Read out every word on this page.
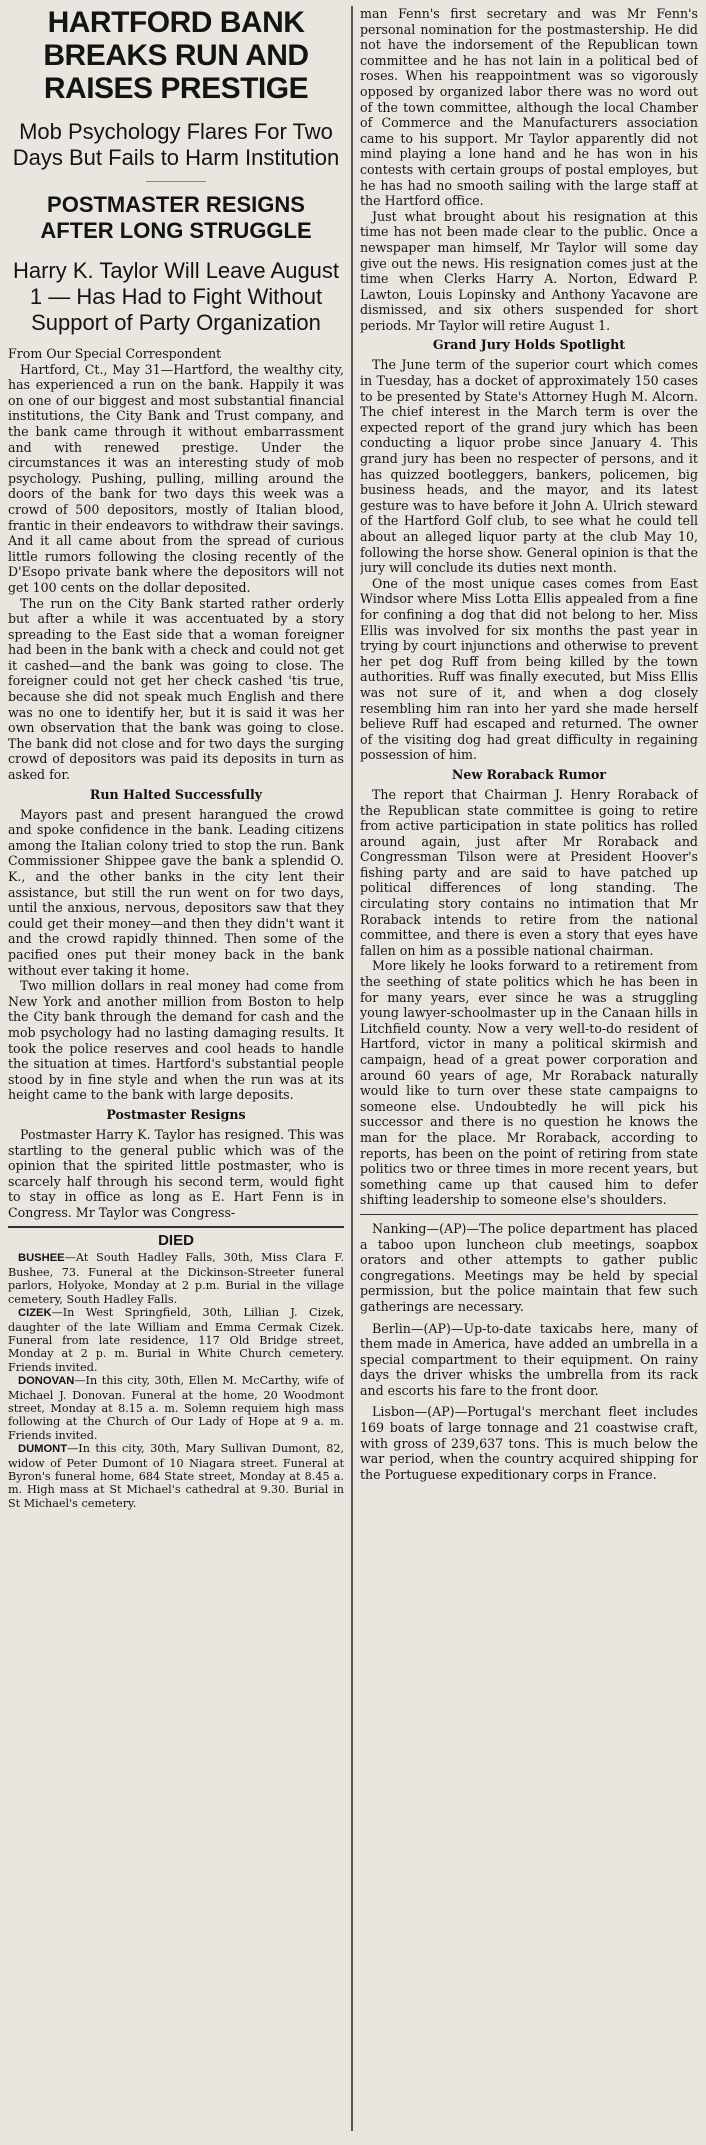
HARTFORD BANK BREAKS RUN AND RAISES PRESTIGE
Mob Psychology Flares For Two Days But Fails to Harm Institution
POSTMASTER RESIGNS AFTER LONG STRUGGLE
Harry K. Taylor Will Leave August 1 — Has Had to Fight Without Support of Party Organization

From Our Special Correspondent

Hartford, Ct., May 31—Hartford, the wealthy city, has experienced a run on the bank. Happily it was on one of our biggest and most substantial financial institutions, the City Bank and Trust company, and the bank came through it without embarrassment and with renewed prestige. Under the circumstances it was an interesting study of mob psychology. Pushing, pulling, milling around the doors of the bank for two days this week was a crowd of 500 depositors, mostly of Italian blood, frantic in their endeavors to withdraw their savings. And it all came about from the spread of curious little rumors following the closing recently of the D'Esopo private bank where the depositors will not get 100 cents on the dollar deposited.

The run on the City Bank started rather orderly but after a while it was accentuated by a story spreading to the East side that a woman foreigner had been in the bank with a check and could not get it cashed—and the bank was going to close. The foreigner could not get her check cashed 'tis true, because she did not speak much English and there was no one to identify her, but it is said it was her own observation that the bank was going to close. The bank did not close and for two days the surging crowd of depositors was paid its deposits in turn as asked for.

Run Halted Successfully

Mayors past and present harangued the crowd and spoke confidence in the bank. Leading citizens among the Italian colony tried to stop the run. Bank Commissioner Shippee gave the bank a splendid O. K., and the other banks in the city lent their assistance, but still the run went on for two days, until the anxious, nervous, depositors saw that they could get their money—and then they didn't want it and the crowd rapidly thinned. Then some of the pacified ones put their money back in the bank without ever taking it home.

Two million dollars in real money had come from New York and another million from Boston to help the City bank through the demand for cash and the mob psychology had no lasting damaging results. It took the police reserves and cool heads to handle the situation at times. Hartford's substantial people stood by in fine style and when the run was at its height came to the bank with large deposits.

Postmaster Resigns

Postmaster Harry K. Taylor has resigned. This was startling to the general public which was of the opinion that the spirited little postmaster, who is scarcely half through his second term, would fight to stay in office as long as E. Hart Fenn is in Congress. Mr Taylor was Congress-

DIED

BUSHEE—At South Hadley Falls, 30th, Miss Clara F. Bushee, 73. Funeral at the Dickinson-Streeter funeral parlors, Holyoke, Monday at 2 p.m. Burial in the village cemetery, South Hadley Falls.

CIZEK—In West Springfield, 30th, Lillian J. Cizek, daughter of the late William and Emma Cermak Cizek. Funeral from late residence, 117 Old Bridge street, Monday at 2 p. m. Burial in White Church cemetery. Friends invited.

DONOVAN—In this city, 30th, Ellen M. McCarthy, wife of Michael J. Donovan. Funeral at the home, 20 Woodmont street, Monday at 8.15 a. m. Solemn requiem high mass following at the Church of Our Lady of Hope at 9 a. m. Friends invited.

DUMONT—In this city, 30th, Mary Sullivan Dumont, 82, widow of Peter Dumont of 10 Niagara street. Funeral at Byron's funeral home, 684 State street, Monday at 8.45 a. m. High mass at St Michael's cathedral at 9.30. Burial in St Michael's cemetery.

man Fenn's first secretary and was Mr Fenn's personal nomination for the postmastership. He did not have the indorsement of the Republican town committee and he has not lain in a political bed of roses. When his reappointment was so vigorously opposed by organized labor there was no word out of the town committee, although the local Chamber of Commerce and the Manufacturers association came to his support. Mr Taylor apparently did not mind playing a lone hand and he has won in his contests with certain groups of postal employes, but he has had no smooth sailing with the large staff at the Hartford office.

Just what brought about his resignation at this time has not been made clear to the public. Once a newspaper man himself, Mr Taylor will some day give out the news. His resignation comes just at the time when Clerks Harry A. Norton, Edward P. Lawton, Louis Lopinsky and Anthony Yacavone are dismissed, and six others suspended for short periods. Mr Taylor will retire August 1.

Grand Jury Holds Spotlight

The June term of the superior court which comes in Tuesday, has a docket of approximately 150 cases to be presented by State's Attorney Hugh M. Alcorn. The chief interest in the March term is over the expected report of the grand jury which has been conducting a liquor probe since January 4. This grand jury has been no respecter of persons, and it has quizzed bootleggers, bankers, policemen, big business heads, and the mayor, and its latest gesture was to have before it John A. Ulrich steward of the Hartford Golf club, to see what he could tell about an alleged liquor party at the club May 10, following the horse show. General opinion is that the jury will conclude its duties next month.

One of the most unique cases comes from East Windsor where Miss Lotta Ellis appealed from a fine for confining a dog that did not belong to her. Miss Ellis was involved for six months the past year in trying by court injunctions and otherwise to prevent her pet dog Ruff from being killed by the town authorities. Ruff was finally executed, but Miss Ellis was not sure of it, and when a dog closely resembling him ran into her yard she made herself believe Ruff had escaped and returned. The owner of the visiting dog had great difficulty in regaining possession of him.

New Roraback Rumor

The report that Chairman J. Henry Roraback of the Republican state committee is going to retire from active participation in state politics has rolled around again, just after Mr Roraback and Congressman Tilson were at President Hoover's fishing party and are said to have patched up political differences of long standing. The circulating story contains no intimation that Mr Roraback intends to retire from the national committee, and there is even a story that eyes have fallen on him as a possible national chairman.

More likely he looks forward to a retirement from the seething of state politics which he has been in for many years, ever since he was a struggling young lawyer-schoolmaster up in the Canaan hills in Litchfield county. Now a very well-to-do resident of Hartford, victor in many a political skirmish and campaign, head of a great power corporation and around 60 years of age, Mr Roraback naturally would like to turn over these state campaigns to someone else. Undoubtedly he will pick his successor and there is no question he knows the man for the place. Mr Roraback, according to reports, has been on the point of retiring from state politics two or three times in more recent years, but something came up that caused him to defer shifting leadership to someone else's shoulders.

Nanking—(AP)—The police department has placed a taboo upon luncheon club meetings, soapbox orators and other attempts to gather public congregations. Meetings may be held by special permission, but the police maintain that few such gatherings are necessary.

Berlin—(AP)—Up-to-date taxicabs here, many of them made in America, have added an umbrella in a special compartment to their equipment. On rainy days the driver whisks the umbrella from its rack and escorts his fare to the front door.

Lisbon—(AP)—Portugal's merchant fleet includes 169 boats of large tonnage and 21 coastwise craft, with gross of 239,637 tons. This is much below the war period, when the country acquired shipping for the Portuguese expeditionary corps in France.
